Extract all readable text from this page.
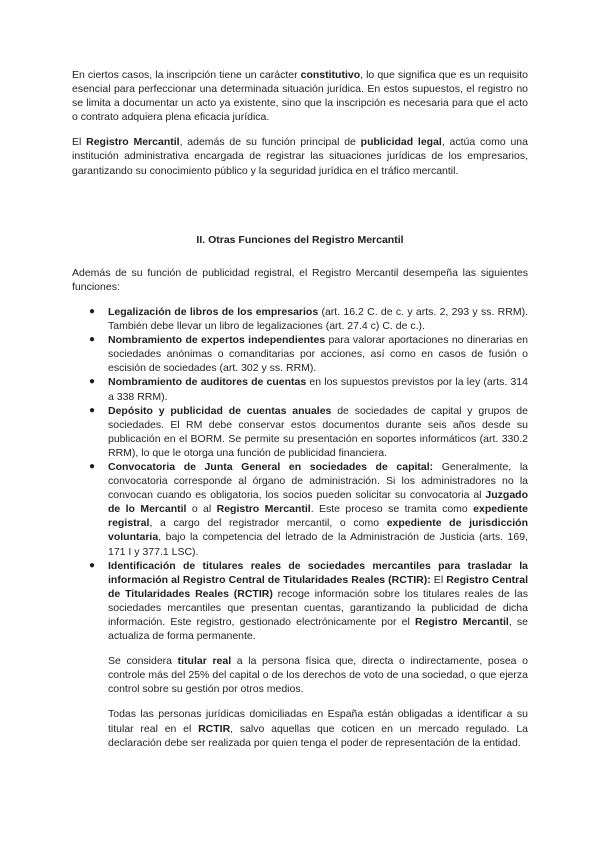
En ciertos casos, la inscripción tiene un carácter constitutivo, lo que significa que es un requisito esencial para perfeccionar una determinada situación jurídica. En estos supuestos, el registro no se limita a documentar un acto ya existente, sino que la inscripción es necesaria para que el acto o contrato adquiera plena eficacia jurídica.

El Registro Mercantil, además de su función principal de publicidad legal, actúa como una institución administrativa encargada de registrar las situaciones jurídicas de los empresarios, garantizando su conocimiento público y la seguridad jurídica en el tráfico mercantil.

II. Otras Funciones del Registro Mercantil

Además de su función de publicidad registral, el Registro Mercantil desempeña las siguientes funciones:

● Legalización de libros de los empresarios (art. 16.2 C. de c. y arts. 2, 293 y ss. RRM). También debe llevar un libro de legalizaciones (art. 27.4 c) C. de c.).
● Nombramiento de expertos independientes para valorar aportaciones no dinerarias en sociedades anónimas o comanditarias por acciones, así como en casos de fusión o escisión de sociedades (art. 302 y ss. RRM).
● Nombramiento de auditores de cuentas en los supuestos previstos por la ley (arts. 314 a 338 RRM).
● Depósito y publicidad de cuentas anuales de sociedades de capital y grupos de sociedades. El RM debe conservar estos documentos durante seis años desde su publicación en el BORM. Se permite su presentación en soportes informáticos (art. 330.2 RRM), lo que le otorga una función de publicidad financiera.
● Convocatoria de Junta General en sociedades de capital: Generalmente, la convocatoria corresponde al órgano de administración. Si los administradores no la convocan cuando es obligatoria, los socios pueden solicitar su convocatoria al Juzgado de lo Mercantil o al Registro Mercantil. Este proceso se tramita como expediente registral, a cargo del registrador mercantil, o como expediente de jurisdicción voluntaria, bajo la competencia del letrado de la Administración de Justicia (arts. 169, 171 I y 377.1 LSC).
● Identificación de titulares reales de sociedades mercantiles para trasladar la información al Registro Central de Titularidades Reales (RCTIR): El Registro Central de Titularidades Reales (RCTIR) recoge información sobre los titulares reales de las sociedades mercantiles que presentan cuentas, garantizando la publicidad de dicha información. Este registro, gestionado electrónicamente por el Registro Mercantil, se actualiza de forma permanente.

Se considera titular real a la persona física que, directa o indirectamente, posea o controle más del 25% del capital o de los derechos de voto de una sociedad, o que ejerza control sobre su gestión por otros medios.

Todas las personas jurídicas domiciliadas en España están obligadas a identificar a su titular real en el RCTIR, salvo aquellas que coticen en un mercado regulado. La declaración debe ser realizada por quien tenga el poder de representación de la entidad.
